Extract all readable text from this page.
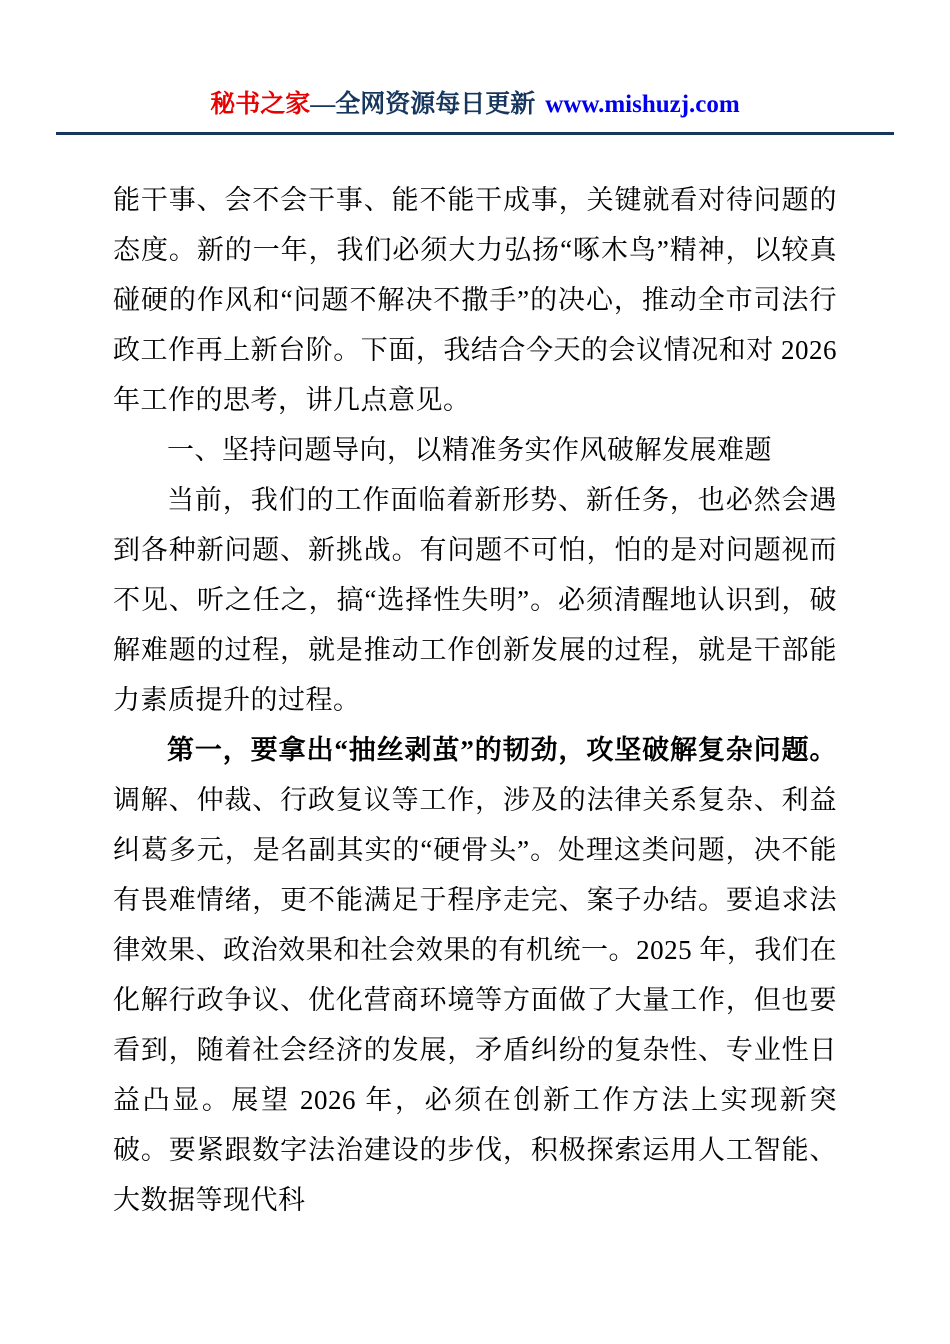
秘书之家—全网资源每日更新 www.mishuzj.com

能干事、会不会干事、能不能干成事，关键就看对待问题的态度。新的一年，我们必须大力弘扬“啄木鸟”精神，以较真碰硬的作风和“问题不解决不撒手”的决心，推动全市司法行政工作再上新台阶。下面，我结合今天的会议情况和对 2026 年工作的思考，讲几点意见。

一、坚持问题导向，以精准务实作风破解发展难题

当前，我们的工作面临着新形势、新任务，也必然会遇到各种新问题、新挑战。有问题不可怕，怕的是对问题视而不见、听之任之，搞“选择性失明”。必须清醒地认识到，破解难题的过程，就是推动工作创新发展的过程，就是干部能力素质提升的过程。

第一，要拿出“抽丝剥茧”的韧劲，攻坚破解复杂问题。调解、仲裁、行政复议等工作，涉及的法律关系复杂、利益纠葛多元，是名副其实的“硬骨头”。处理这类问题，决不能有畏难情绪，更不能满足于程序走完、案子办结。要追求法律效果、政治效果和社会效果的有机统一。2025 年，我们在化解行政争议、优化营商环境等方面做了大量工作，但也要看到，随着社会经济的发展，矛盾纠纷的复杂性、专业性日益凸显。展望 2026 年，必须在创新工作方法上实现新突破。要紧跟数字法治建设的步伐，积极探索运用人工智能、大数据等现代科
